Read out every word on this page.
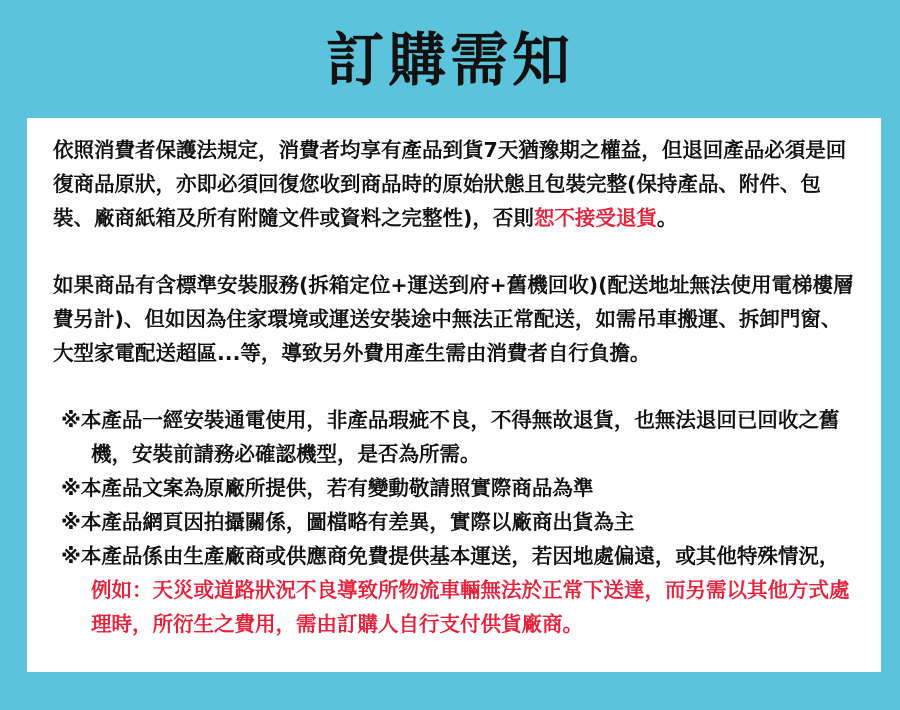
訂購需知

依照消費者保護法規定，消費者均享有產品到貨7天猶豫期之權益，但退回產品必須是回復商品原狀，亦即必須回復您收到商品時的原始狀態且包裝完整(保持產品、附件、包裝、廠商紙箱及所有附隨文件或資料之完整性)，否則恕不接受退貨。

如果商品有含標準安裝服務(拆箱定位+運送到府+舊機回收)(配送地址無法使用電梯樓層費另計)、但如因為住家環境或運送安裝途中無法正常配送，如需吊車搬運、拆卸門窗、大型家電配送超區...等，導致另外費用產生需由消費者自行負擔。

※本產品一經安裝通電使用，非產品瑕疵不良，不得無故退貨，也無法退回已回收之舊機，安裝前請務必確認機型，是否為所需。

※本產品文案為原廠所提供，若有變動敬請照實際商品為準

※本產品網頁因拍攝關係，圖檔略有差異，實際以廠商出貨為主

※本產品係由生產廠商或供應商免費提供基本運送，若因地處偏遠，或其他特殊情況，例如：天災或道路狀況不良導致所物流車輛無法於正常下送達，而另需以其他方式處理時，所衍生之費用，需由訂購人自行支付供貨廠商。
